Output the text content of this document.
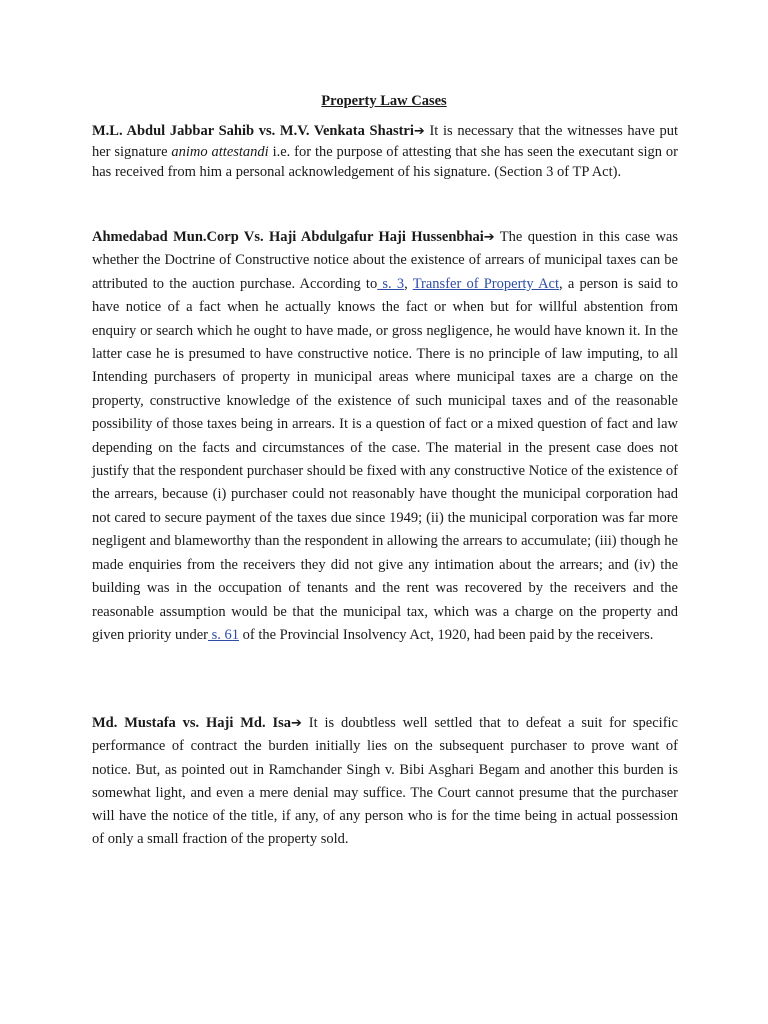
Property Law Cases

M.L. Abdul Jabbar Sahib vs. M.V. Venkata Shastri➔ It is necessary that the witnesses have put her signature animo attestandi i.e. for the purpose of attesting that she has seen the executant sign or has received from him a personal acknowledgement of his signature. (Section 3 of TP Act).

Ahmedabad Mun.Corp Vs. Haji Abdulgafur Haji Hussenbhai➔ The question in this case was whether the Doctrine of Constructive notice about the existence of arrears of municipal taxes can be attributed to the auction purchase. According to s. 3, Transfer of Property Act, a person is said to have notice of a fact when he actually knows the fact or when but for willful abstention from enquiry or search which he ought to have made, or gross negligence, he would have known it. In the latter case he is presumed to have constructive notice. There is no principle of law imputing, to all Intending purchasers of property in municipal areas where municipal taxes are a charge on the property, constructive knowledge of the existence of such municipal taxes and of the reasonable possibility of those taxes being in arrears. It is a question of fact or a mixed question of fact and law depending on the facts and circumstances of the case. The material in the present case does not justify that the respondent purchaser should be fixed with any constructive Notice of the existence of the arrears, because (i) purchaser could not reasonably have thought the municipal corporation had not cared to secure payment of the taxes due since 1949; (ii) the municipal corporation was far more negligent and blameworthy than the respondent in allowing the arrears to accumulate; (iii) though he made enquiries from the receivers they did not give any intimation about the arrears; and (iv) the building was in the occupation of tenants and the rent was recovered by the receivers and the reasonable assumption would be that the municipal tax, which was a charge on the property and given priority under s. 61 of the Provincial Insolvency Act, 1920, had been paid by the receivers.

Md. Mustafa vs. Haji Md. Isa➔ It is doubtless well settled that to defeat a suit for specific performance of contract the burden initially lies on the subsequent purchaser to prove want of notice. But, as pointed out in Ramchander Singh v. Bibi Asghari Begam and another this burden is somewhat light, and even a mere denial may suffice. The Court cannot presume that the purchaser will have the notice of the title, if any, of any person who is for the time being in actual possession of only a small fraction of the property sold.
